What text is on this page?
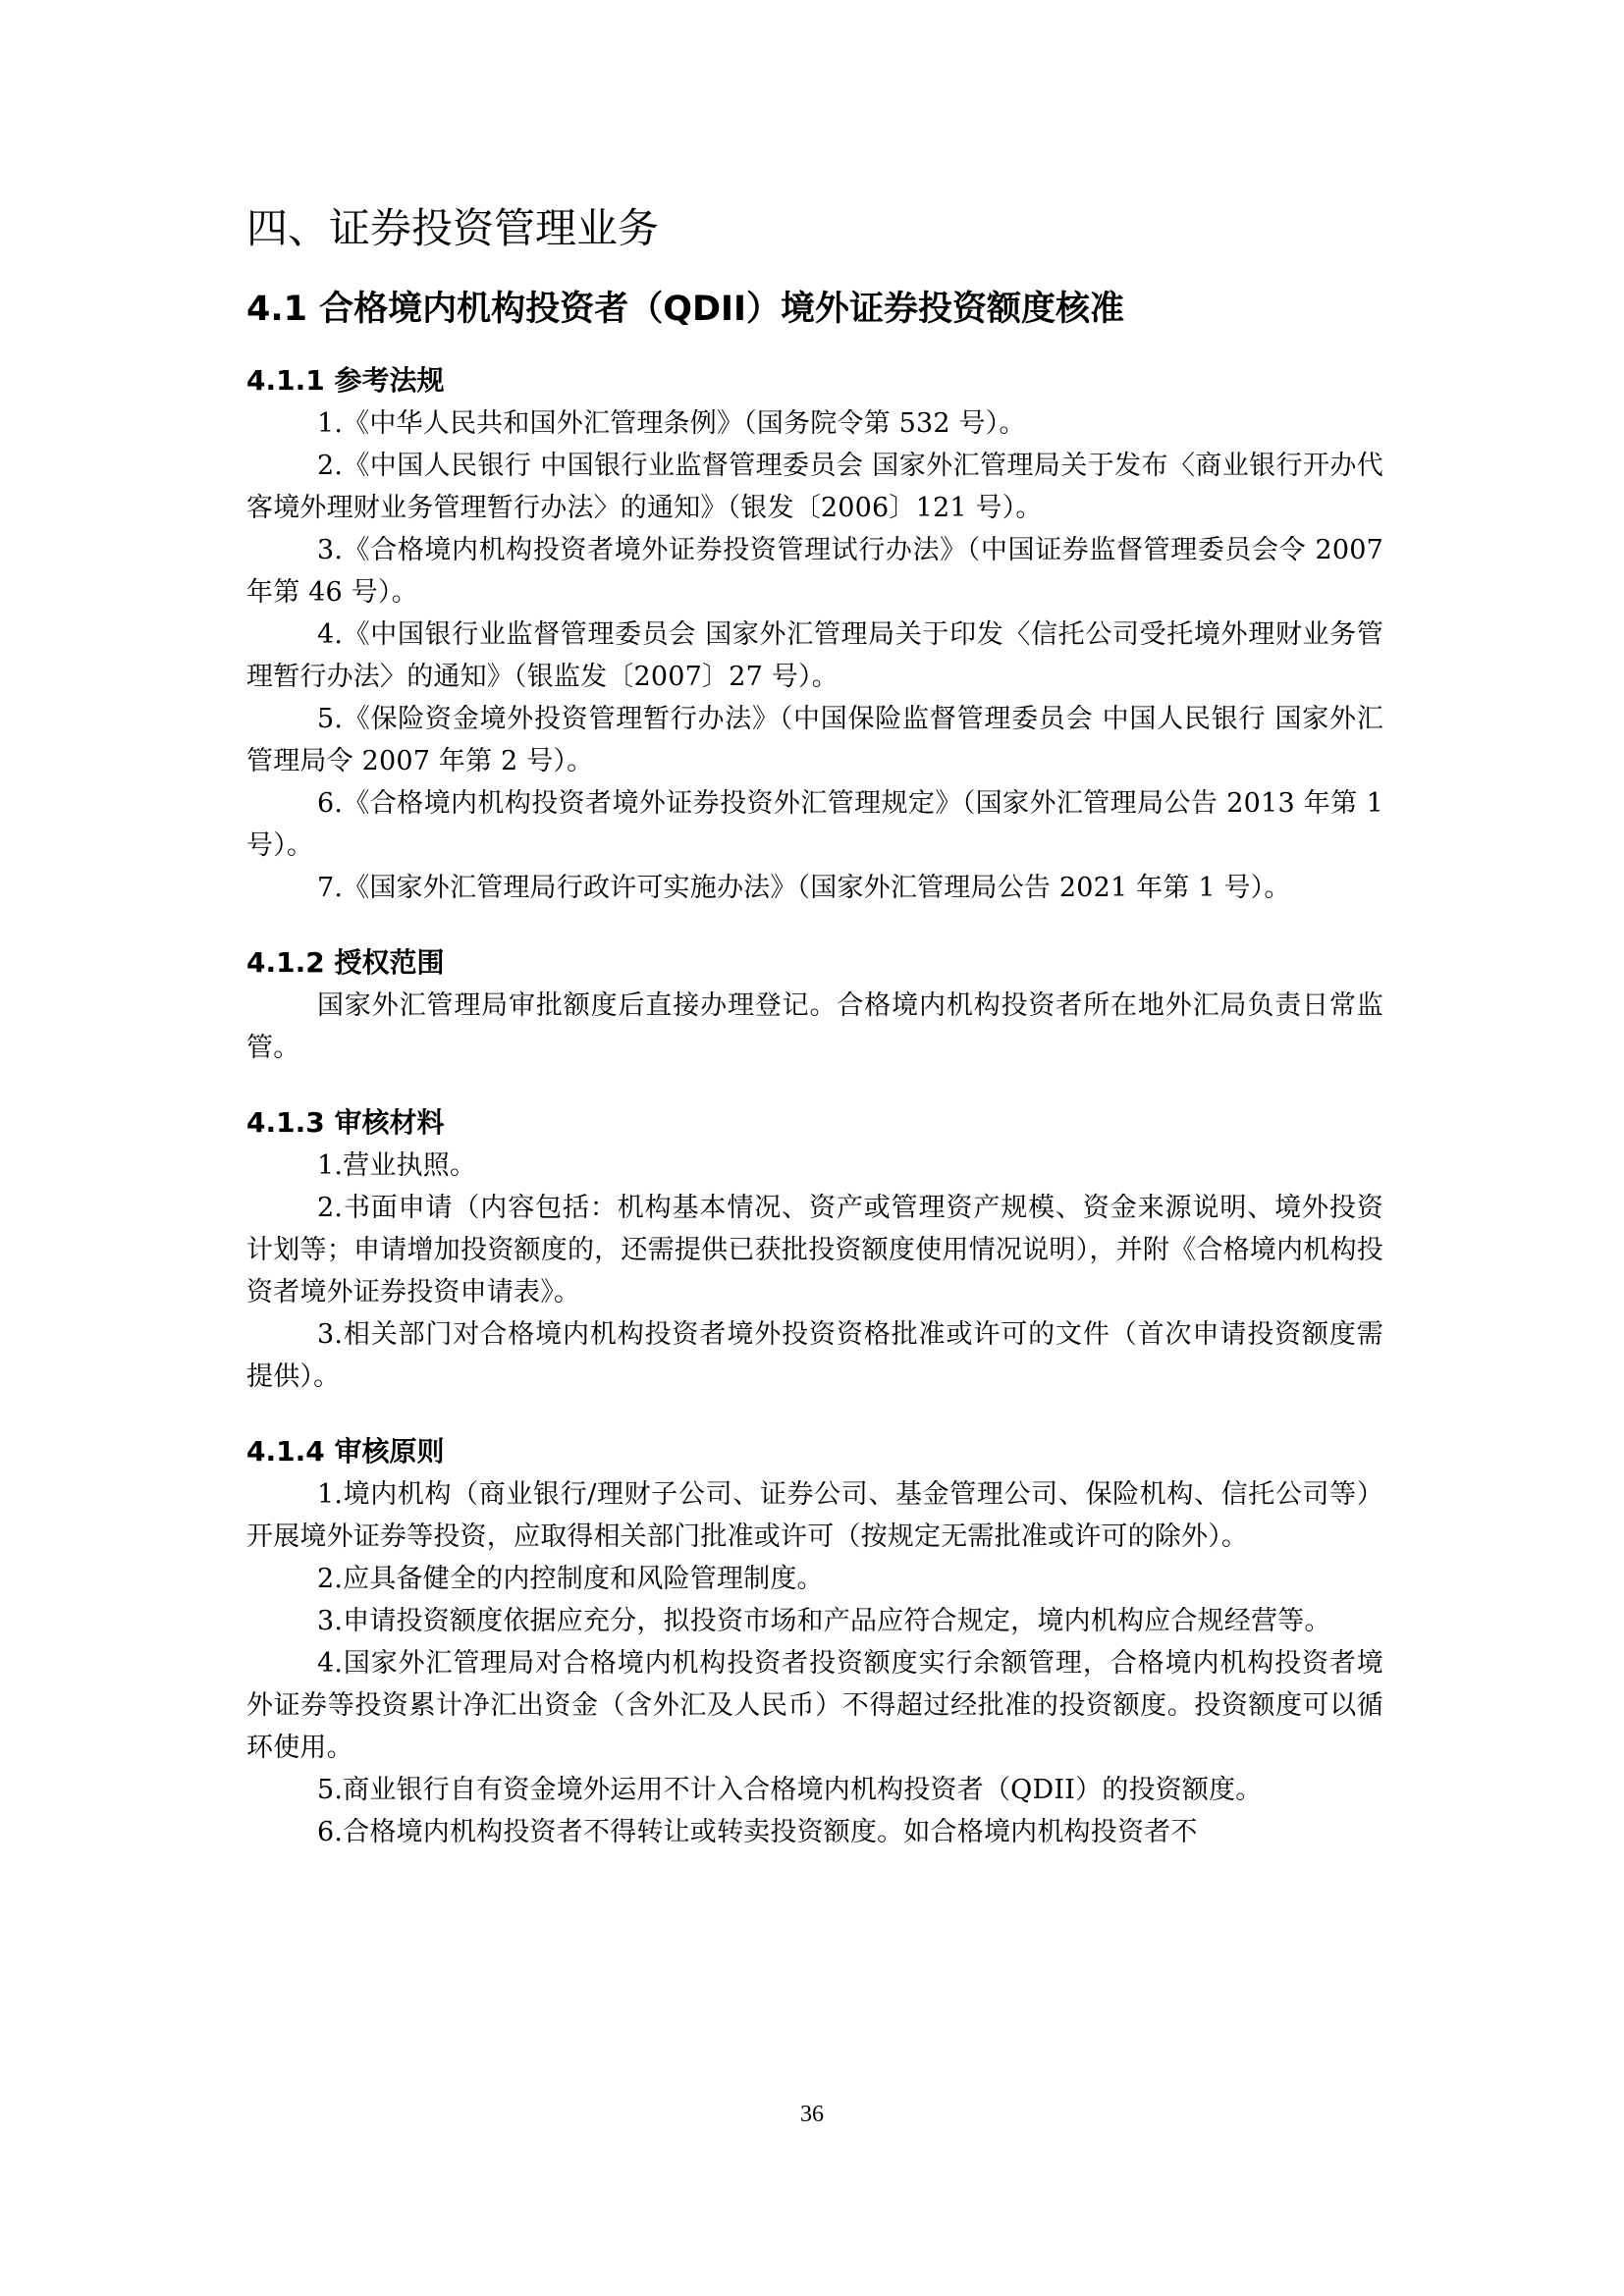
四、证券投资管理业务
4.1 合格境内机构投资者（QDII）境外证券投资额度核准
4.1.1 参考法规

1.《中华人民共和国外汇管理条例》（国务院令第 532 号）。

2.《中国人民银行 中国银行业监督管理委员会 国家外汇管理局关于发布〈商业银行开办代客境外理财业务管理暂行办法〉的通知》（银发〔2006〕121 号）。

3.《合格境内机构投资者境外证券投资管理试行办法》（中国证券监督管理委员会令 2007 年第 46 号）。

4.《中国银行业监督管理委员会 国家外汇管理局关于印发〈信托公司受托境外理财业务管理暂行办法〉的通知》（银监发〔2007〕27 号）。

5.《保险资金境外投资管理暂行办法》（中国保险监督管理委员会 中国人民银行 国家外汇管理局令 2007 年第 2 号）。

6.《合格境内机构投资者境外证券投资外汇管理规定》（国家外汇管理局公告 2013 年第 1 号）。

7.《国家外汇管理局行政许可实施办法》（国家外汇管理局公告 2021 年第 1 号）。

4.1.2 授权范围

国家外汇管理局审批额度后直接办理登记。合格境内机构投资者所在地外汇局负责日常监管。

4.1.3 审核材料

1.营业执照。

2.书面申请（内容包括：机构基本情况、资产或管理资产规模、资金来源说明、境外投资计划等；申请增加投资额度的，还需提供已获批投资额度使用情况说明），并附《合格境内机构投资者境外证券投资申请表》。

3.相关部门对合格境内机构投资者境外投资资格批准或许可的文件（首次申请投资额度需提供）。

4.1.4 审核原则

1.境内机构（商业银行/理财子公司、证券公司、基金管理公司、保险机构、信托公司等）开展境外证券等投资，应取得相关部门批准或许可（按规定无需批准或许可的除外）。

2.应具备健全的内控制度和风险管理制度。

3.申请投资额度依据应充分，拟投资市场和产品应符合规定，境内机构应合规经营等。

4.国家外汇管理局对合格境内机构投资者投资额度实行余额管理，合格境内机构投资者境外证券等投资累计净汇出资金（含外汇及人民币）不得超过经批准的投资额度。投资额度可以循环使用。

5.商业银行自有资金境外运用不计入合格境内机构投资者（QDII）的投资额度。

6.合格境内机构投资者不得转让或转卖投资额度。如合格境内机构投资者不

36
